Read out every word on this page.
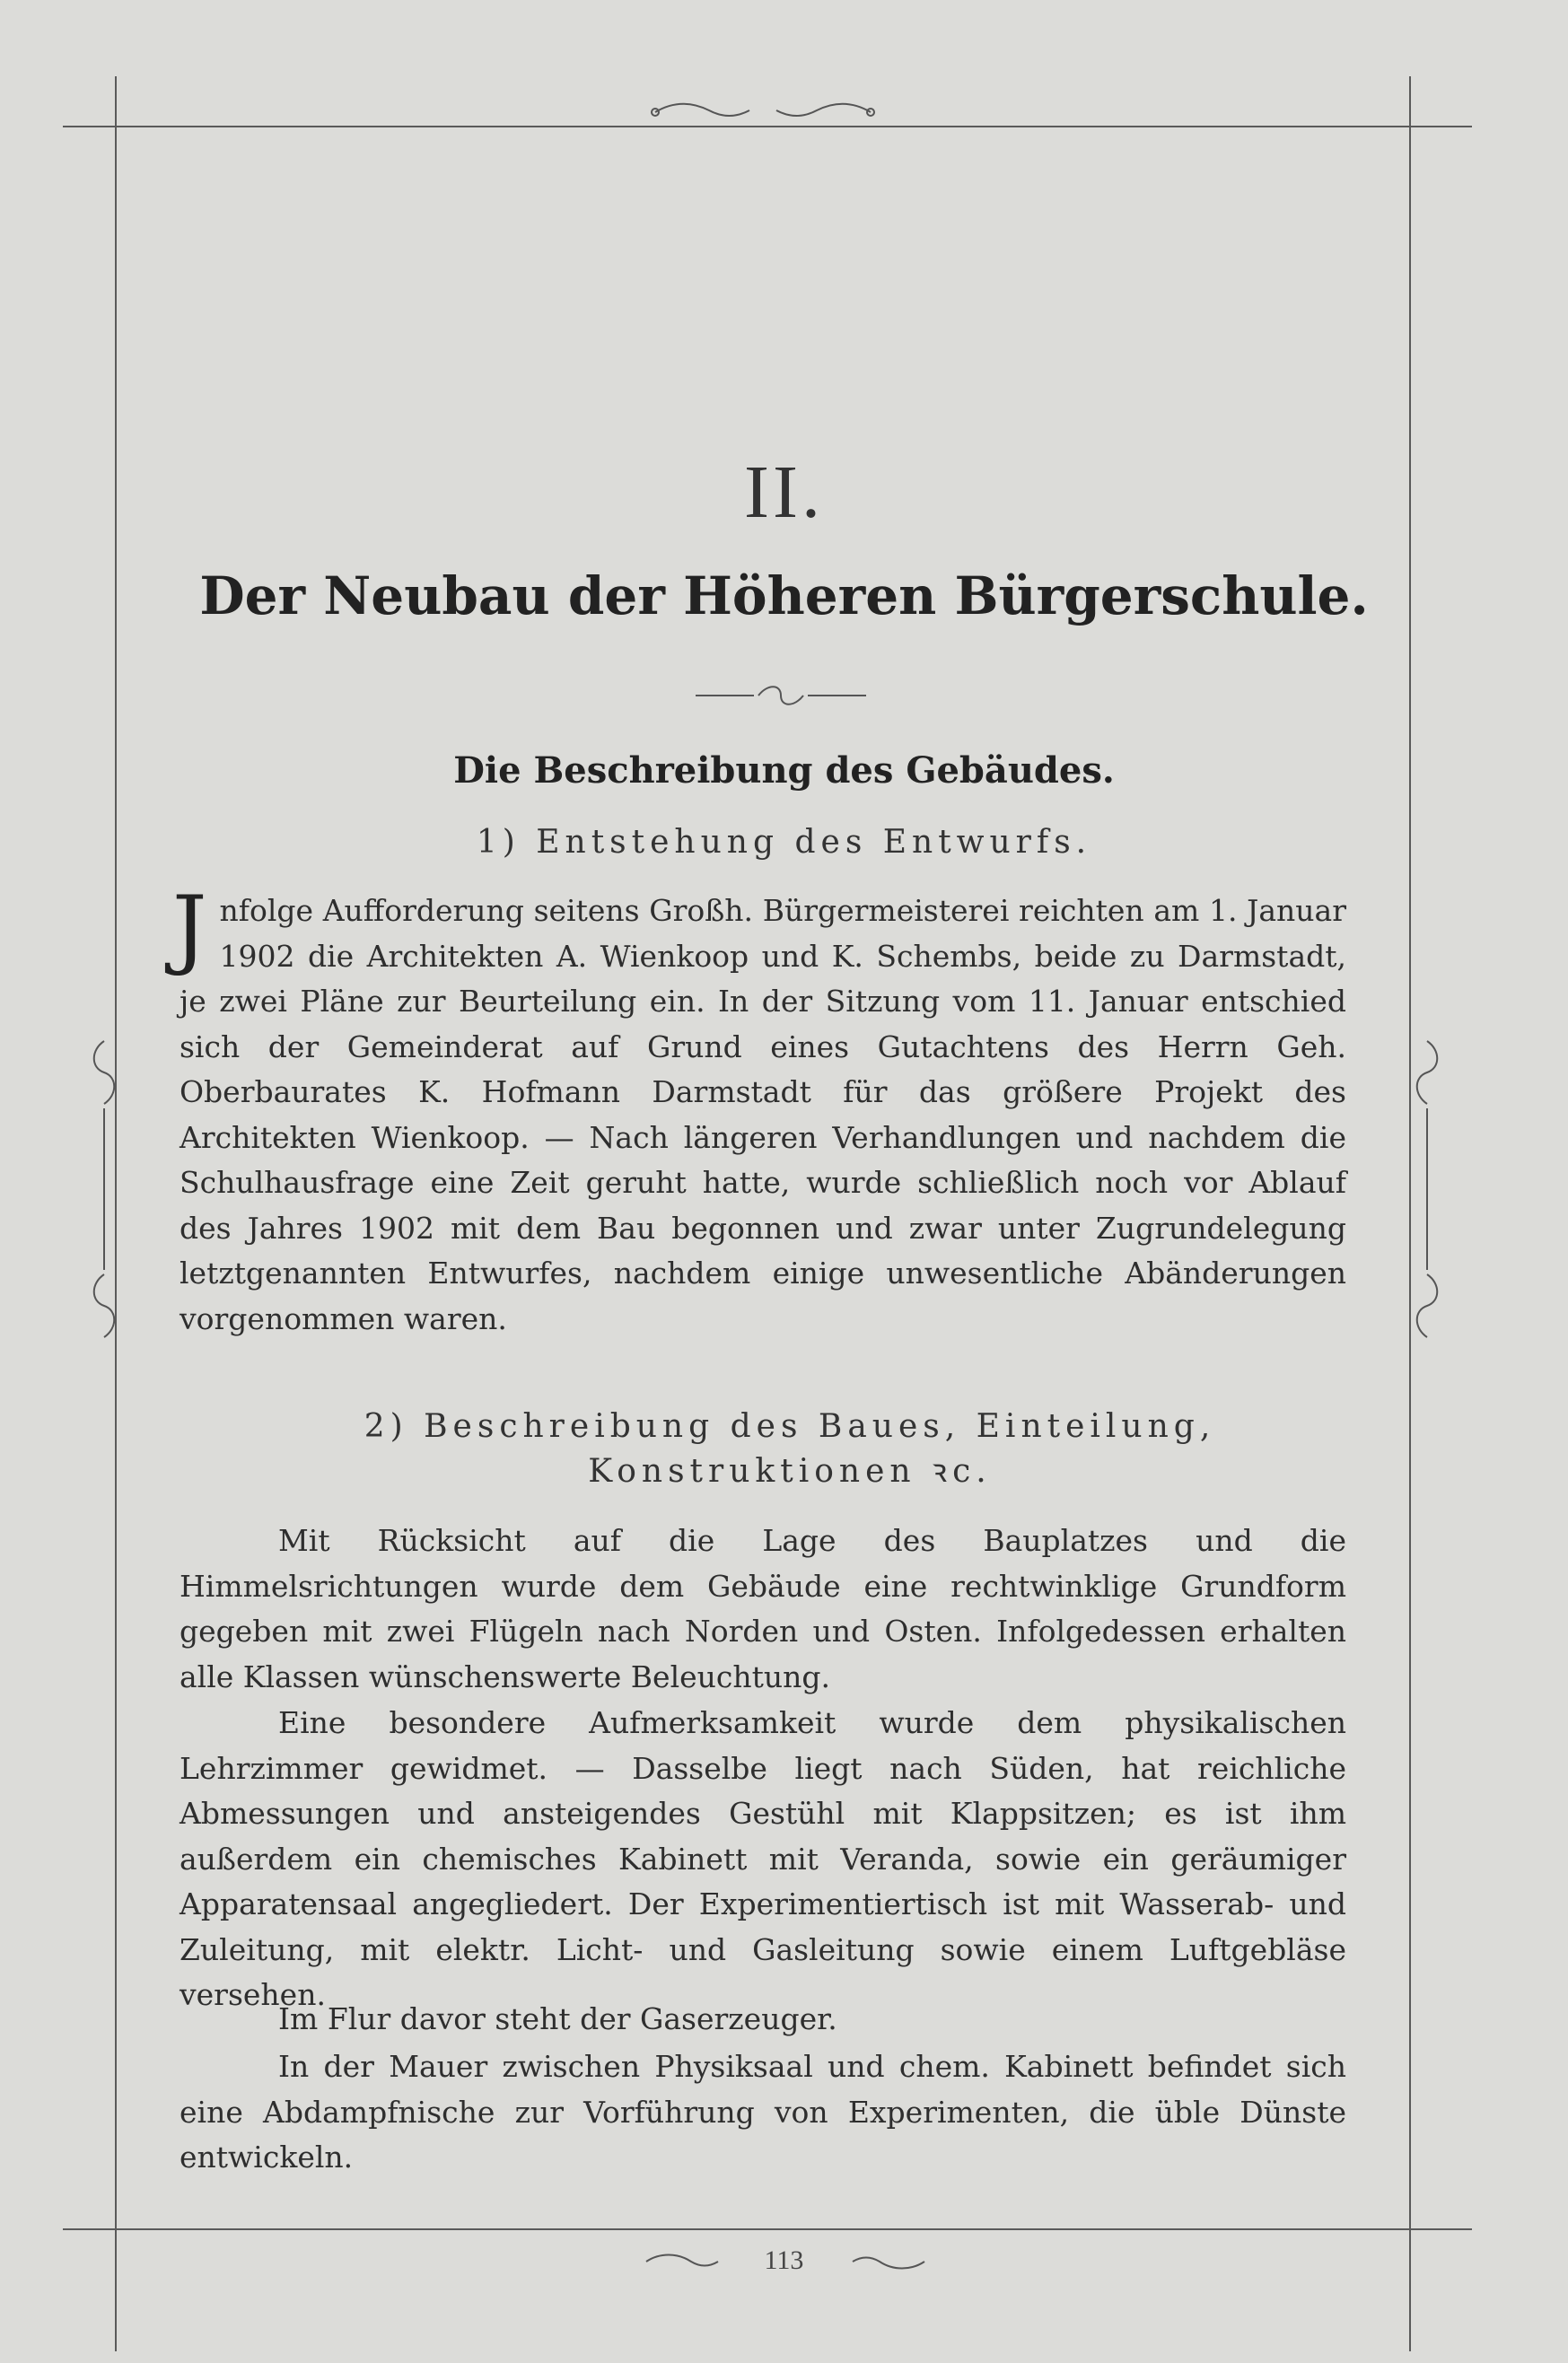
II.
Der Neubau der Höheren Bürgerschule.
Die Beschreibung des Gebäudes.
1) Entstehung des Entwurfs.
J nfolge Aufforderung seitens Großh. Bürgermeisterei reichten am 1. Januar 1902 die Architekten A. Wienkoop und K. Schembs, beide zu Darmstadt, je zwei Pläne zur Beurteilung ein. In der Sitzung vom 11. Januar entschied sich der Gemeinderat auf Grund eines Gutachtens des Herrn Geh. Oberbaurates K. Hofmann Darmstadt für das größere Projekt des Architekten Wienkoop. — Nach längeren Verhandlungen und nachdem die Schulhausfrage eine Zeit geruht hatte, wurde schließlich noch vor Ablauf des Jahres 1902 mit dem Bau begonnen und zwar unter Zugrundelegung letztgenannten Entwurfes, nachdem einige unwesentliche Abänderungen vorgenommen waren.
2) Beschreibung des Baues, Einteilung,
Konstruktionen ꝛc.
Mit Rücksicht auf die Lage des Bauplatzes und die Himmelsrichtungen wurde dem Gebäude eine rechtwinklige Grundform gegeben mit zwei Flügeln nach Norden und Osten. Infolgedessen erhalten alle Klassen wünschenswerte Beleuchtung.
Eine besondere Aufmerksamkeit wurde dem physikalischen Lehrzimmer gewidmet. — Dasselbe liegt nach Süden, hat reichliche Abmessungen und ansteigendes Gestühl mit Klappsitzen; es ist ihm außerdem ein chemisches Kabinett mit Veranda, sowie ein geräumiger Apparatensaal angegliedert. Der Experimentiertisch ist mit Wasserab- und Zuleitung, mit elektr. Licht- und Gasleitung sowie einem Luftgebläse versehen.
Im Flur davor steht der Gaserzeuger.
In der Mauer zwischen Physiksaal und chem. Kabinett befindet sich eine Abdampfnische zur Vorführung von Experimenten, die üble Dünste entwickeln.
113
